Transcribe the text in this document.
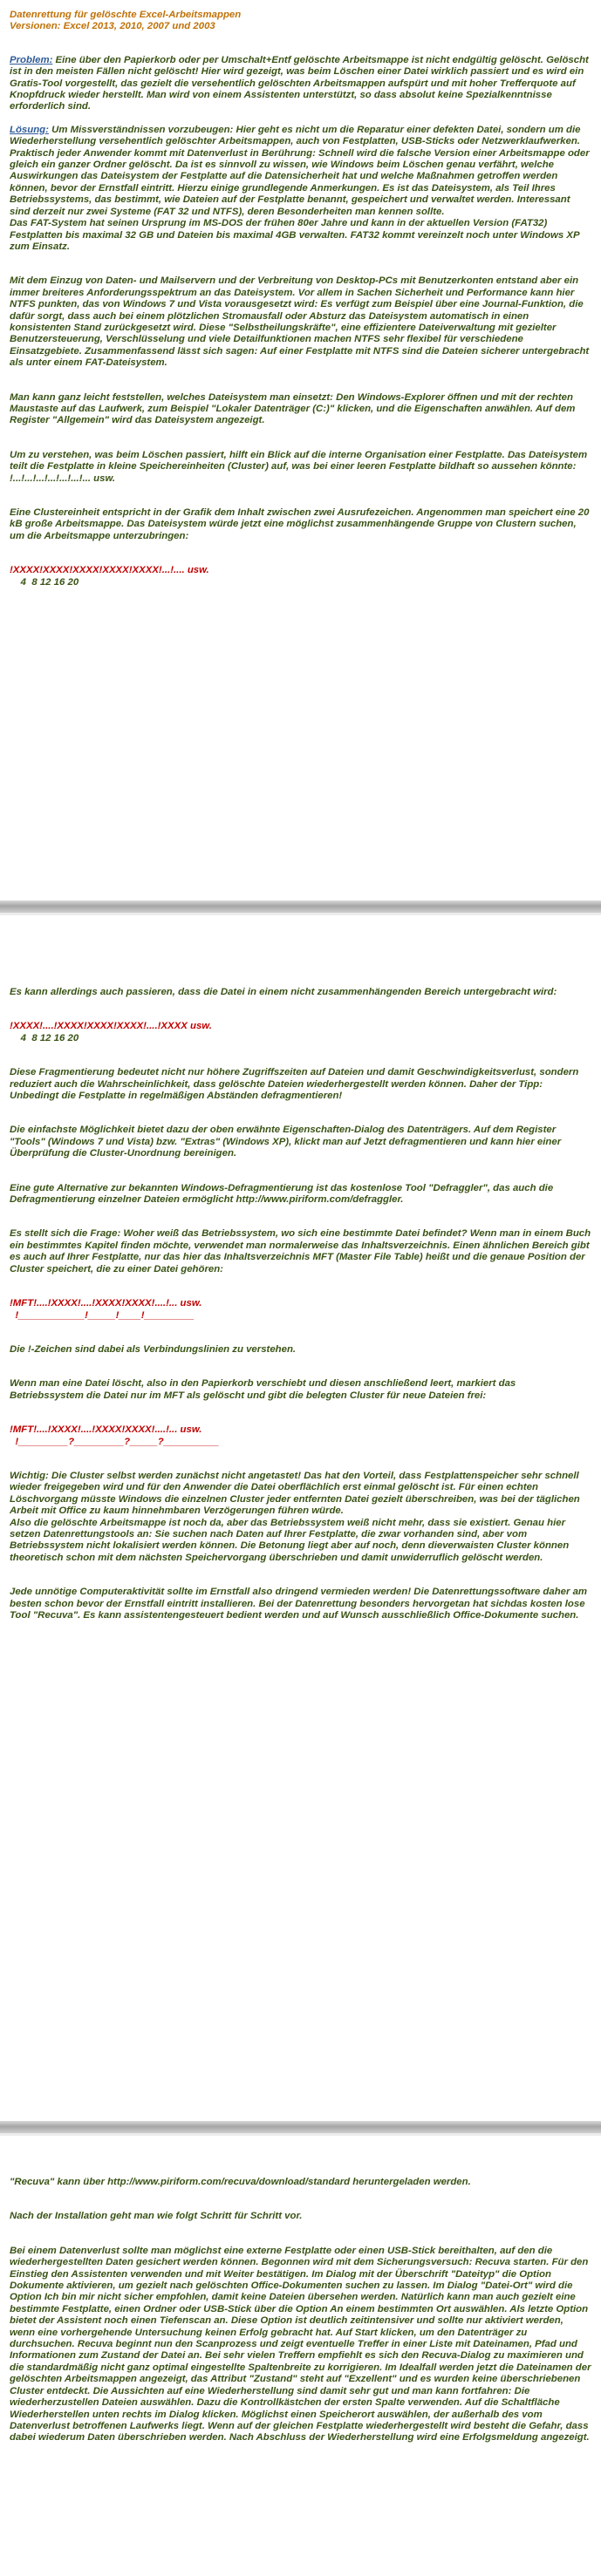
Datenrettung für gelöschte Excel-Arbeitsmappen

Versionen: Excel 2013, 2010, 2007 und 2003

Problem: Eine über den Papierkorb oder per Umschalt+Entf gelöschte Arbeitsmappe ist nicht endgültig gelöscht. Gelöscht ist in den meisten Fällen nicht gelöscht! Hier wird gezeigt, was beim Löschen einer Datei wirklich passiert und es wird ein Gratis-Tool vorgestellt, das gezielt die versehentlich gelöschten Arbeitsmappen aufspürt und mit hoher Trefferquote auf Knopfdruck wieder herstellt. Man wird von einem Assistenten unterstützt, so dass absolut keine Spezialkenntnisse erforderlich sind.

Lösung: Um Missverständnissen vorzubeugen: Hier geht es nicht um die Reparatur einer defekten Datei, sondern um die Wiederherstellung versehentlich gelöschter Arbeitsmappen, auch von Festplatten, USB-Sticks oder Netzwerklaufwerken. Praktisch jeder Anwender kommt mit Datenverlust in Berührung: Schnell wird die falsche Version einer Arbeitsmappe oder gleich ein ganzer Ordner gelöscht. Da ist es sinnvoll zu wissen, wie Windows beim Löschen genau verfährt, welche Auswirkungen das Dateisystem der Festplatte auf die Datensicherheit hat und welche Maßnahmen getroffen werden können, bevor der Ernstfall eintritt. Hierzu einige grundlegende Anmerkungen. Es ist das Dateisystem, als Teil Ihres Betriebssystems, das bestimmt, wie Dateien auf der Festplatte benannt, gespeichert und verwaltet werden. Interessant sind derzeit nur zwei Systeme (FAT 32 und NTFS), deren Besonderheiten man kennen sollte.
Das FAT-System hat seinen Ursprung im MS-DOS der frühen 80er Jahre und kann in der aktuellen Version (FAT32) Festplatten bis maximal 32 GB und Dateien bis maximal 4GB verwalten. FAT32 kommt vereinzelt noch unter Windows XP zum Einsatz.

Mit dem Einzug von Daten- und Mailservern und der Verbreitung von Desktop-PCs mit Benutzerkonten entstand aber ein immer breiteres Anforderungsspektrum an das Dateisystem. Vor allem in Sachen Sicherheit und Performance kann hier NTFS punkten, das von Windows 7 und Vista vorausgesetzt wird: Es verfügt zum Beispiel über eine Journal-Funktion, die dafür sorgt, dass auch bei einem plötzlichen Stromausfall oder Absturz das Dateisystem automatisch in einen konsistenten Stand zurückgesetzt wird. Diese "Selbstheilungskräfte", eine effizientere Dateiverwaltung mit gezielter Benutzersteuerung, Verschlüsselung und viele Detailfunktionen machen NTFS sehr flexibel für verschiedene Einsatzgebiete. Zusammenfassend lässt sich sagen: Auf einer Festplatte mit NTFS sind die Dateien sicherer untergebracht als unter einem FAT-Dateisystem.

Man kann ganz leicht feststellen, welches Dateisystem man einsetzt: Den Windows-Explorer öffnen und mit der rechten Maustaste auf das Laufwerk, zum Beispiel "Lokaler Datenträger (C:)" klicken, und die Eigenschaften anwählen. Auf dem Register "Allgemein" wird das Dateisystem angezeigt.

Um zu verstehen, was beim Löschen passiert, hilft ein Blick auf die interne Organisation einer Festplatte. Das Dateisystem teilt die Festplatte in kleine Speichereinheiten (Cluster) auf, was bei einer leeren Festplatte bildhaft so aussehen könnte: !...!...!...!...!...!...!... usw.

Eine Clustereinheit entspricht in der Grafik dem Inhalt zwischen zwei Ausrufezeichen. Angenommen man speichert eine 20 kB große Arbeitsmappe. Das Dateisystem würde jetzt eine möglichst zusammenhängende Gruppe von Clustern suchen, um die Arbeitsmappe unterzubringen:

!XXXX!XXXX!XXXX!XXXX!XXXX!...!.... usw.

4  8 12 16 20

Es kann allerdings auch passieren, dass die Datei in einem nicht zusammenhängenden Bereich untergebracht wird:

!XXXX!....!XXXX!XXXX!XXXX!....!XXXX usw.

4  8 12 16 20

Diese Fragmentierung bedeutet nicht nur höhere Zugriffszeiten auf Dateien und damit Geschwindigkeitsverlust, sondern reduziert auch die Wahrscheinlichkeit, dass gelöschte Dateien wiederhergestellt werden können. Daher der Tipp: Unbedingt die Festplatte in regelmäßigen Abständen defragmentieren!

Die einfachste Möglichkeit bietet dazu der oben erwähnte Eigenschaften-Dialog des Datenträgers. Auf dem Register "Tools" (Windows 7 und Vista) bzw. "Extras" (Windows XP), klickt man auf Jetzt defragmentieren und kann hier einer Überprüfung die Cluster-Unordnung bereinigen.

Eine gute Alternative zur bekannten Windows-Defragmentierung ist das kostenlose Tool "Defraggler", das auch die Defragmentierung einzelner Dateien ermöglicht http://www.piriform.com/defraggler.

Es stellt sich die Frage: Woher weiß das Betriebssystem, wo sich eine bestimmte Datei befindet? Wenn man in einem Buch ein bestimmtes Kapitel finden möchte, verwendet man normalerweise das Inhaltsverzeichnis. Einen ähnlichen Bereich gibt es auch auf Ihrer Festplatte, nur das hier das Inhaltsverzeichnis MFT (Master File Table) heißt und die genaue Position der Cluster speichert, die zu einer Datei gehören:

!MFT!....!XXXX!....!XXXX!XXXX!....!... usw.

!____________!_____!____!_________

Die !-Zeichen sind dabei als Verbindungslinien zu verstehen.

Wenn man eine Datei löscht, also in den Papierkorb verschiebt und diesen anschließend leert, markiert das Betriebssystem die Datei nur im MFT als gelöscht und gibt die belegten Cluster für neue Dateien frei:

!MFT!....!XXXX!....!XXXX!XXXX!....!... usw.

!_________?_________?_____?__________

Wichtig: Die Cluster selbst werden zunächst nicht angetastet! Das hat den Vorteil, dass Festplattenspeicher sehr schnell wieder freigegeben wird und für den Anwender die Datei oberflächlich erst einmal gelöscht ist. Für einen echten Löschvorgang müsste Windows die einzelnen Cluster jeder entfernten Datei gezielt überschreiben, was bei der täglichen Arbeit mit Office zu kaum hinnehmbaren Verzögerungen führen würde.
Also die gelöschte Arbeitsmappe ist noch da, aber das Betriebssystem weiß nicht mehr, dass sie existiert. Genau hier setzen Datenrettungstools an: Sie suchen nach Daten auf Ihrer Festplatte, die zwar vorhanden sind, aber vom Betriebssystem nicht lokalisiert werden können. Die Betonung liegt aber auf noch, denn dieverwaisten Cluster können theoretisch schon mit dem nächsten Speichervorgang überschrieben und damit unwiderruflich gelöscht werden.

Jede unnötige Computeraktivität sollte im Ernstfall also dringend vermieden werden! Die Datenrettungssoftware daher am besten schon bevor der Ernstfall eintritt installieren. Bei der Datenrettung besonders hervorgetan hat sichdas kosten lose Tool "Recuva". Es kann assistentengesteuert bedient werden und auf Wunsch ausschließlich Office-Dokumente suchen.

"Recuva" kann über http://www.piriform.com/recuva/download/standard heruntergeladen werden.

Nach der Installation geht man wie folgt Schritt für Schritt vor.

Bei einem Datenverlust sollte man möglichst eine externe Festplatte oder einen USB-Stick bereithalten, auf den die wiederhergestellten Daten gesichert werden können. Begonnen wird mit dem Sicherungsversuch: Recuva starten. Für den Einstieg den Assistenten verwenden und mit Weiter bestätigen. Im Dialog mit der Überschrift "Dateityp" die Option Dokumente aktivieren, um gezielt nach gelöschten Office-Dokumenten suchen zu lassen. Im Dialog "Datei-Ort" wird die Option Ich bin mir nicht sicher empfohlen, damit keine Dateien übersehen werden. Natürlich kann man auch gezielt eine bestimmte Festplatte, einen Ordner oder USB-Stick über die Option An einem bestimmten Ort auswählen. Als letzte Option bietet der Assistent noch einen Tiefenscan an. Diese Option ist deutlich zeitintensiver und sollte nur aktiviert werden, wenn eine vorhergehende Untersuchung keinen Erfolg gebracht hat. Auf Start klicken, um den Datenträger zu durchsuchen. Recuva beginnt nun den Scanprozess und zeigt eventuelle Treffer in einer Liste mit Dateinamen, Pfad und Informationen zum Zustand der Datei an. Bei sehr vielen Treffern empfiehlt es sich den Recuva-Dialog zu maximieren und die standardmäßig nicht ganz optimal eingestellte Spaltenbreite zu korrigieren. Im Idealfall werden jetzt die Dateinamen der gelöschten Arbeitsmappen angezeigt, das Attribut "Zustand" steht auf "Exzellent" und es wurden keine überschriebenen Cluster entdeckt. Die Aussichten auf eine Wiederherstellung sind damit sehr gut und man kann fortfahren: Die wiederherzustellen Dateien auswählen. Dazu die Kontrollkästchen der ersten Spalte verwenden. Auf die Schaltfläche Wiederherstellen unten rechts im Dialog klicken. Möglichst einen Speicherort auswählen, der außerhalb des vom Datenverlust betroffenen Laufwerks liegt. Wenn auf der gleichen Festplatte wiederhergestellt wird besteht die Gefahr, dass dabei wiederum Daten überschrieben werden. Nach Abschluss der Wiederherstellung wird eine Erfolgsmeldung angezeigt.
